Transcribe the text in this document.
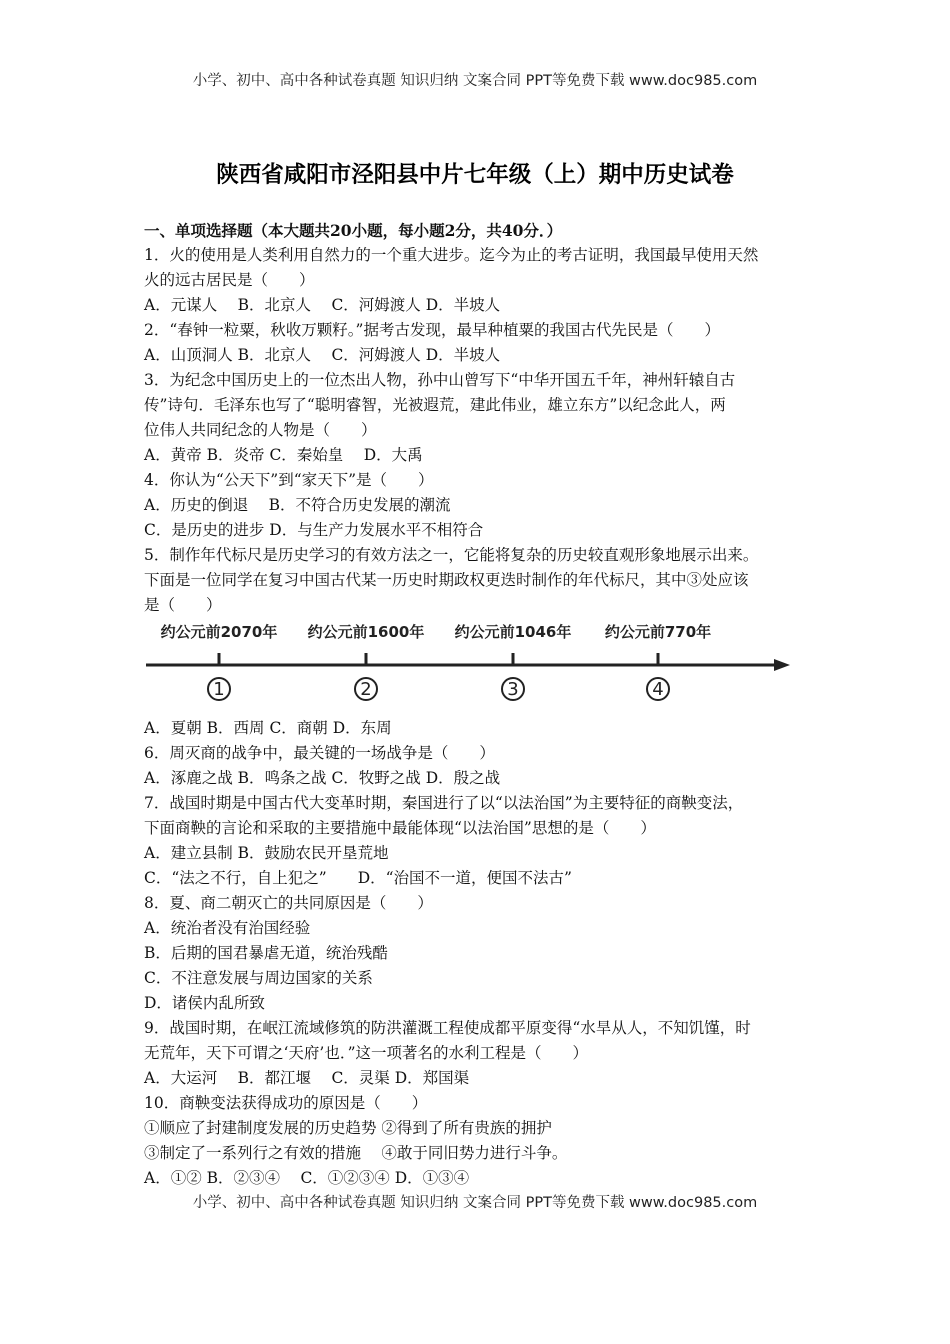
小学、初中、高中各种试卷真题 知识归纳 文案合同 PPT等免费下载 www.doc985.com
陕西省咸阳市泾阳县中片七年级（上）期中历史试卷
一、单项选择题（本大题共20小题，每小题2分，共40分．）
1．火的使用是人类利用自然力的一个重大进步。迄今为止的考古证明，我国最早使用天然
火的远古居民是（　　）
A．元谋人　 B．北京人　 C．河姆渡人 D．半坡人
2．“春钟一粒粟，秋收万颗籽。”据考古发现，最早种植粟的我国古代先民是（　　）
A．山顶洞人 B．北京人　 C．河姆渡人 D．半坡人
3．为纪念中国历史上的一位杰出人物，孙中山曾写下“中华开国五千年，神州轩辕自古
传”诗句．毛泽东也写了“聪明睿智，光被遐荒，建此伟业，雄立东方”以纪念此人，两
位伟人共同纪念的人物是（　　）
A．黄帝 B．炎帝 C．秦始皇　 D．大禹
4．你认为“公天下”到“家天下”是（　　）
A．历史的倒退　 B．不符合历史发展的潮流
C．是历史的进步 D．与生产力发展水平不相符合
5．制作年代标尺是历史学习的有效方法之一，它能将复杂的历史较直观形象地展示出来。
下面是一位同学在复习中国古代某一历史时期政权更迭时制作的年代标尺，其中③处应该
是（　　）
约公元前2070年 约公元前1600年 约公元前1046年 约公元前770年
1	2	3	4
A．夏朝 B．西周 C．商朝 D．东周
6．周灭商的战争中，最关键的一场战争是（　　）
A．涿鹿之战 B．鸣条之战 C．牧野之战 D．殷之战
7．战国时期是中国古代大变革时期，秦国进行了以“以法治国”为主要特征的商鞅变法，
下面商鞅的言论和采取的主要措施中最能体现“以法治国”思想的是（　　）
A．建立县制 B．鼓励农民开垦荒地
C．“法之不行，自上犯之”　　D．“治国不一道，便国不法古”
8．夏、商二朝灭亡的共同原因是（　　）
A．统治者没有治国经验
B．后期的国君暴虐无道，统治残酷
C．不注意发展与周边国家的关系
D．诸侯内乱所致
9．战国时期，在岷江流域修筑的防洪灌溉工程使成都平原变得“水旱从人，不知饥馑，时
无荒年，天下可谓之‘天府’也．”这一项著名的水利工程是（　　）
A．大运河　 B．都江堰　 C．灵渠 D．郑国渠
10．商鞅变法获得成功的原因是（　　）
①顺应了封建制度发展的历史趋势 ②得到了所有贵族的拥护
③制定了一系列行之有效的措施　 ④敢于同旧势力进行斗争。
A．①② B．②③④　 C．①②③④ D．①③④
小学、初中、高中各种试卷真题 知识归纳 文案合同 PPT等免费下载 www.doc985.com
